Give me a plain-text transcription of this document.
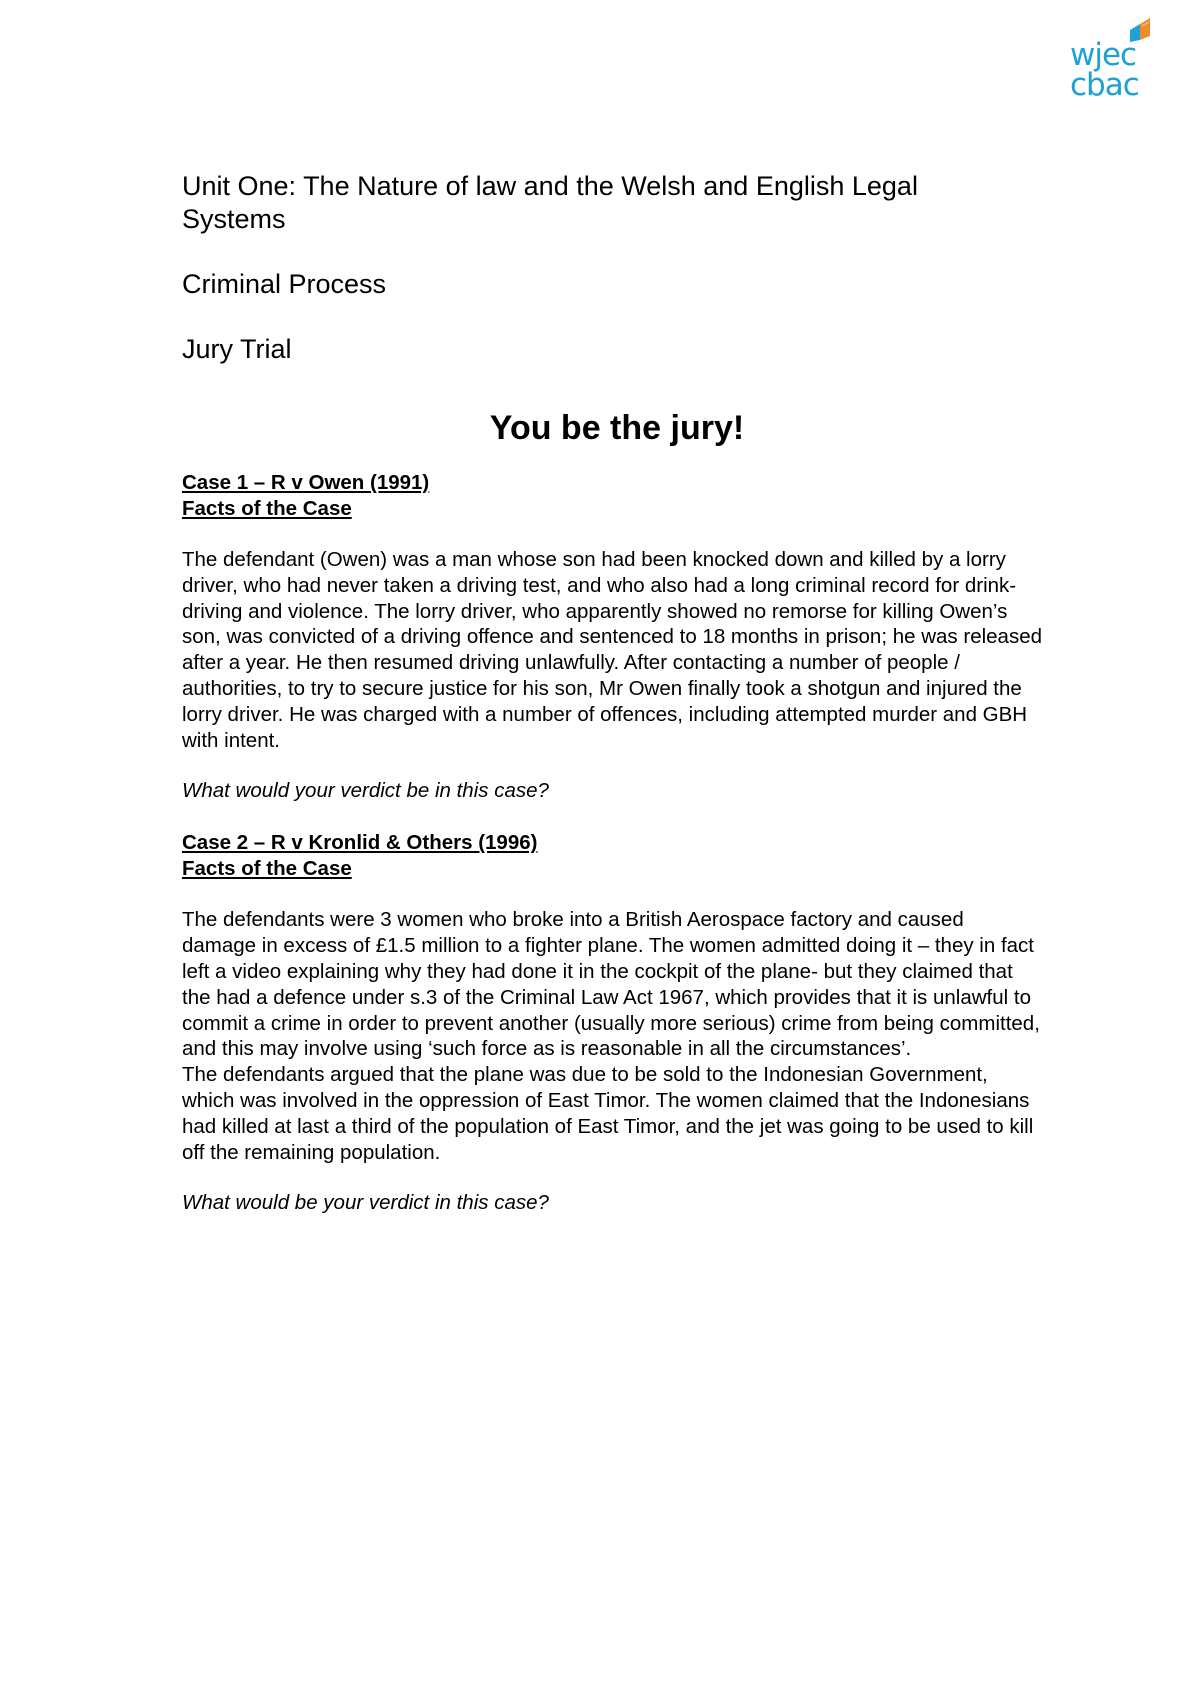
wjec
cbac

Unit One: The Nature of law and the Welsh and English Legal

Systems

Criminal Process

Jury Trial

You be the jury!

Case 1 – R v Owen (1991)

Facts of the Case

The defendant (Owen) was a man whose son had been knocked down and killed by a lorry driver, who had never taken a driving test, and who also had a long criminal record for drink-driving and violence. The lorry driver, who apparently showed no remorse for killing Owen’s son, was convicted of a driving offence and sentenced to 18 months in prison; he was released after a year. He then resumed driving unlawfully. After contacting a number of people / authorities, to try to secure justice for his son, Mr Owen finally took a shotgun and injured the lorry driver. He was charged with a number of offences, including attempted murder and GBH with intent.

What would your verdict be in this case?

Case 2 – R v Kronlid & Others (1996)

Facts of the Case

The defendants were 3 women who broke into a British Aerospace factory and caused damage in excess of £1.5 million to a fighter plane. The women admitted doing it – they in fact left a video explaining why they had done it in the cockpit of the plane- but they claimed that the had a defence under s.3 of the Criminal Law Act 1967, which provides that it is unlawful to commit a crime in order to prevent another (usually more serious) crime from being committed, and this may involve using ‘such force as is reasonable in all the circumstances’.

The defendants argued that the plane was due to be sold to the Indonesian Government, which was involved in the oppression of East Timor. The women claimed that the Indonesians had killed at last a third of the population of East Timor, and the jet was going to be used to kill off the remaining population.

What would be your verdict in this case?
